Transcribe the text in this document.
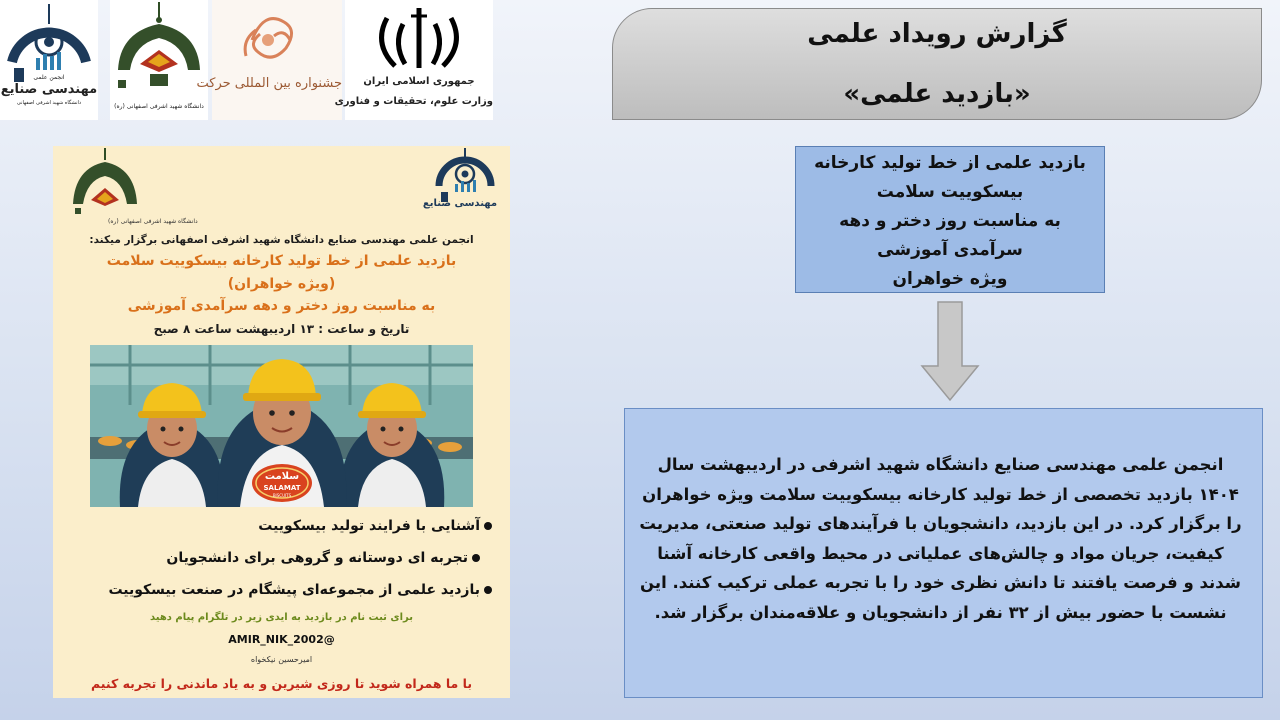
انجمن علمی
مهندسی صنایع
دانشگاه شهید اشرفی اصفهانی	دانشگاه شهید اشرفی اصفهانی (ره)
جشنواره بین المللی حرکت	جمهوری اسلامی ایران
وزارت علوم، تحقیقات و فناوری
گزارش رویداد علمی
«بازدید علمی»
بازدید علمی از خط تولید کارخانه
بیسکوییت سلامت
به مناسبت روز دختر و دهه
سرآمدی آموزشی
ویژه خواهران
انجمن علمی مهندسی صنایع دانشگاه شهید اشرفی در اردیبهشت سال ۱۴۰۴ بازدید تخصصی از خط تولید کارخانه بیسکوییت سلامت ویژه خواهران را برگزار کرد. در این بازدید، دانشجویان با فرآیندهای تولید صنعتی، مدیریت کیفیت، جریان مواد و چالش‌های عملیاتی در محیط واقعی کارخانه آشنا شدند و فرصت یافتند تا دانش نظری خود را با تجربه عملی ترکیب کنند. این نشست با حضور بیش از ۳۲ نفر از دانشجویان و علاقه‌مندان برگزار شد.
مهندسی صنایع
دانشگاه شهید اشرفی اصفهانی (ره)
انجمن علمی مهندسی صنایع دانشگاه شهید اشرفی اصفهانی برگزار میکند:
بازدید علمی از خط تولید کارخانه بیسکوییت سلامت
(ویژه خواهران)
به مناسبت روز دختر و دهه سرآمدی آموزشی
تاریخ و ساعت : ۱۳ اردیبهشت ساعت ۸ صبح
سلامت
SALAMAT
BISCUITS
آشنایی با فرایند تولید بیسکوییت
تجربه ای دوستانه و گروهی برای دانشجویان
بازدید علمی از مجموعه‌ای پیشگام در صنعت بیسکوییت
برای ثبت نام در بازدید به ایدی زیر در تلگرام پیام دهید
@AMIR_NIK_2002
امیرحسین نیکخواه
با ما همراه شوید تا روزی شیرین و به یاد ماندنی را تجربه کنیم
